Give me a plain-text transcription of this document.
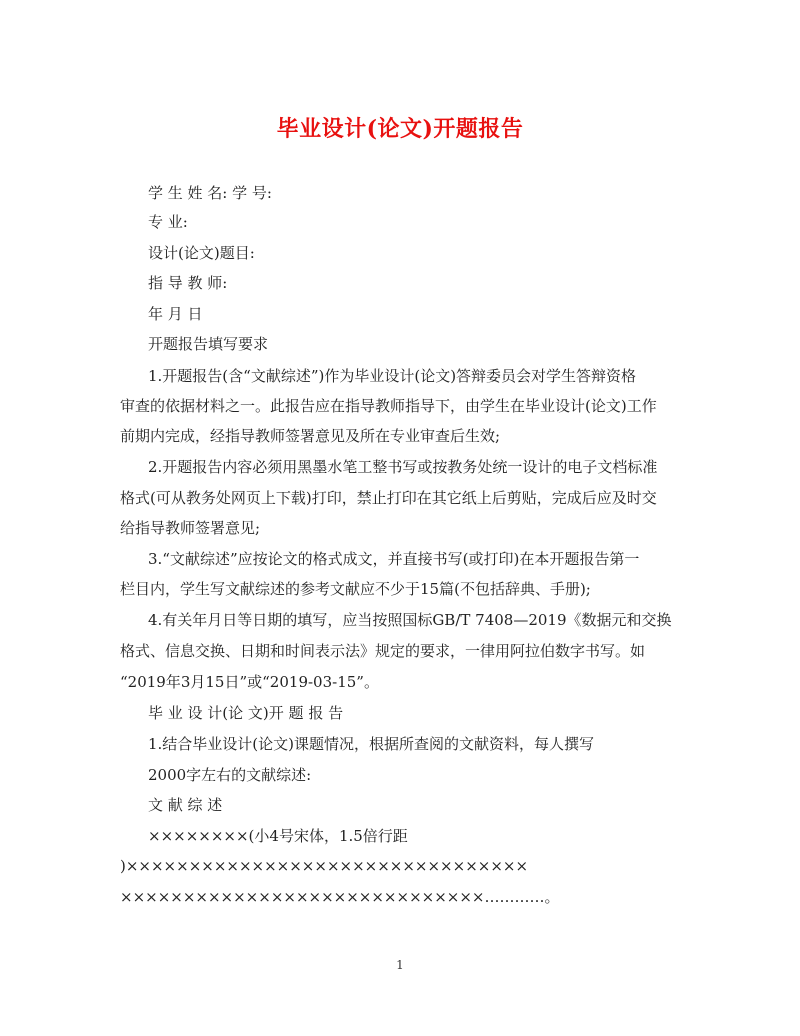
毕业设计(论文)开题报告
学 生 姓 名: 学 号:
专 业:
设计(论文)题目:
指 导 教 师:
年 月 日
开题报告填写要求
1.开题报告(含“文献综述”)作为毕业设计(论文)答辩委员会对学生答辩资格
审查的依据材料之一。此报告应在指导教师指导下，由学生在毕业设计(论文)工作
前期内完成，经指导教师签署意见及所在专业审查后生效;
2.开题报告内容必须用黑墨水笔工整书写或按教务处统一设计的电子文档标准
格式(可从教务处网页上下载)打印，禁止打印在其它纸上后剪贴，完成后应及时交
给指导教师签署意见;
3.“文献综述”应按论文的格式成文，并直接书写(或打印)在本开题报告第一
栏目内，学生写文献综述的参考文献应不少于15篇(不包括辞典、手册);
4.有关年月日等日期的填写，应当按照国标GB/T 7408—2019《数据元和交换
格式、信息交换、日期和时间表示法》规定的要求，一律用阿拉伯数字书写。如
“2019年3月15日”或“2019-03-15”。
毕 业 设 计(论 文)开 题 报 告
1.结合毕业设计(论文)课题情况，根据所查阅的文献资料，每人撰写
2000字左右的文献综述:
文 献 综 述
××××××××(小4号宋体，1.5倍行距
)××××××××××××××××××××××××××××××××
×××××××××××××××××××××××××××××…………。
1
